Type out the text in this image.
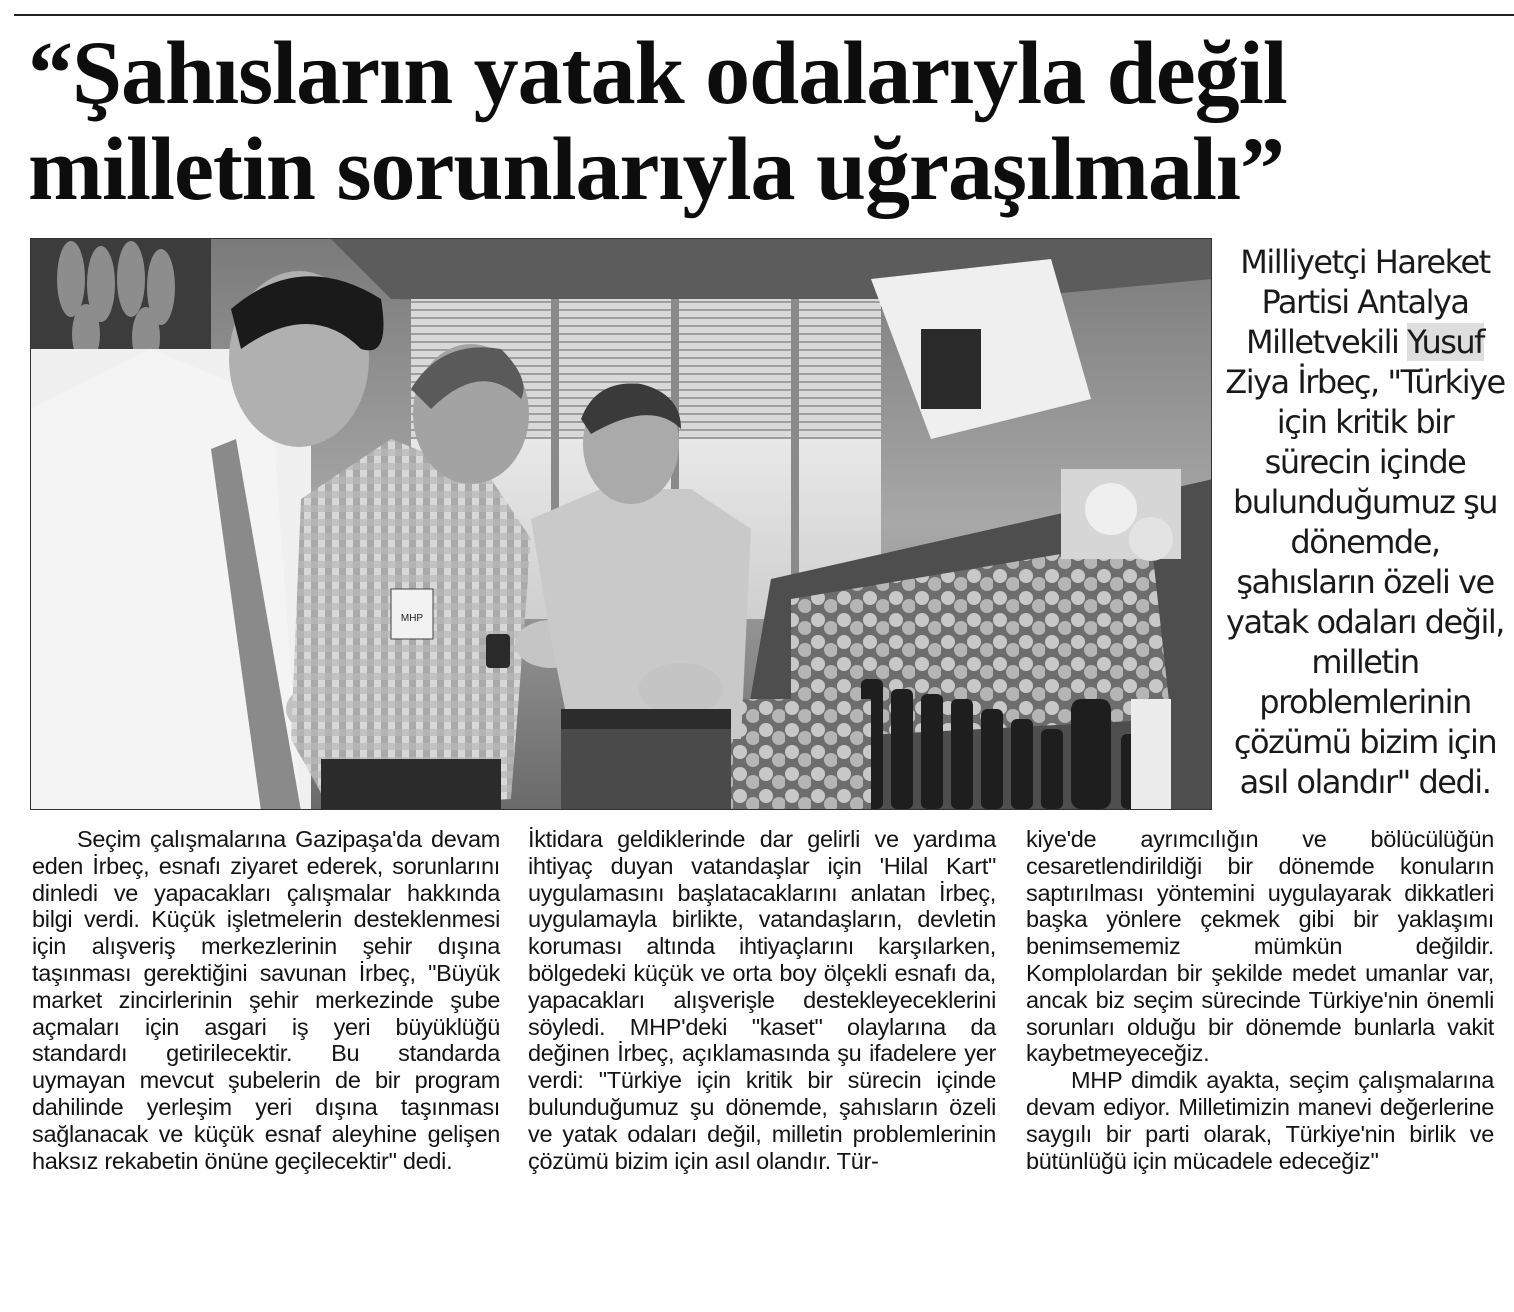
“Şahısların yatak odalarıyla değil
milletin sorunlarıyla uğraşılmalı”
MHP

Milliyetçi Hareket Partisi Antalya Milletvekili Yusuf Ziya İrbeç, "Türkiye için kritik bir sürecin içinde bulunduğumuz şu dönemde, şahısların özeli ve yatak odaları değil, milletin problemlerinin çözümü bizim için asıl olandır" dedi.

Seçim çalışmalarına Gazipaşa'da devam eden İrbeç, esnafı ziyaret ederek, sorunlarını dinledi ve yapacakları çalışmalar hakkında bilgi verdi. Küçük işletmelerin desteklenmesi için alışveriş merkezlerinin şehir dışına taşınması gerektiğini savunan İrbeç, "Büyük market zincirlerinin şehir merkezinde şube açmaları için asgari iş yeri büyüklüğü standardı getirilecektir. Bu standarda uymayan mevcut şubelerin de bir program dahilinde yerleşim yeri dışına taşınması sağlanacak ve küçük esnaf aleyhine gelişen haksız rekabetin önüne geçilecektir" dedi.

İktidara geldiklerinde dar gelirli ve yardıma ihtiyaç duyan vatandaşlar için 'Hilal Kart" uygulamasını başlatacaklarını anlatan İrbeç, uygulamayla birlikte, vatandaşların, devletin koruması altında ihtiyaçlarını karşılarken, bölgedeki küçük ve orta boy ölçekli esnafı da, yapacakları alışverişle destekleyeceklerini söyledi. MHP'deki "kaset" olaylarına da değinen İrbeç, açıklamasında şu ifadelere yer verdi: "Türkiye için kritik bir sürecin içinde bulunduğumuz şu dönemde, şahısların özeli ve yatak odaları değil, milletin problemlerinin çözümü bizim için asıl olandır. Tür-

kiye'de ayrımcılığın ve bölücülüğün cesaretlendirildiği bir dönemde konuların saptırılması yöntemini uygulayarak dikkatleri başka yönlere çekmek gibi bir yaklaşımı benimsememiz mümkün değildir. Komplolardan bir şekilde medet umanlar var, ancak biz seçim sürecinde Türkiye'nin önemli sorunları olduğu bir dönemde bunlarla vakit kaybetmeyeceğiz.

MHP dimdik ayakta, seçim çalışmalarına devam ediyor. Milletimizin manevi değerlerine saygılı bir parti olarak, Türkiye'nin birlik ve bütünlüğü için mücadele edeceğiz"
